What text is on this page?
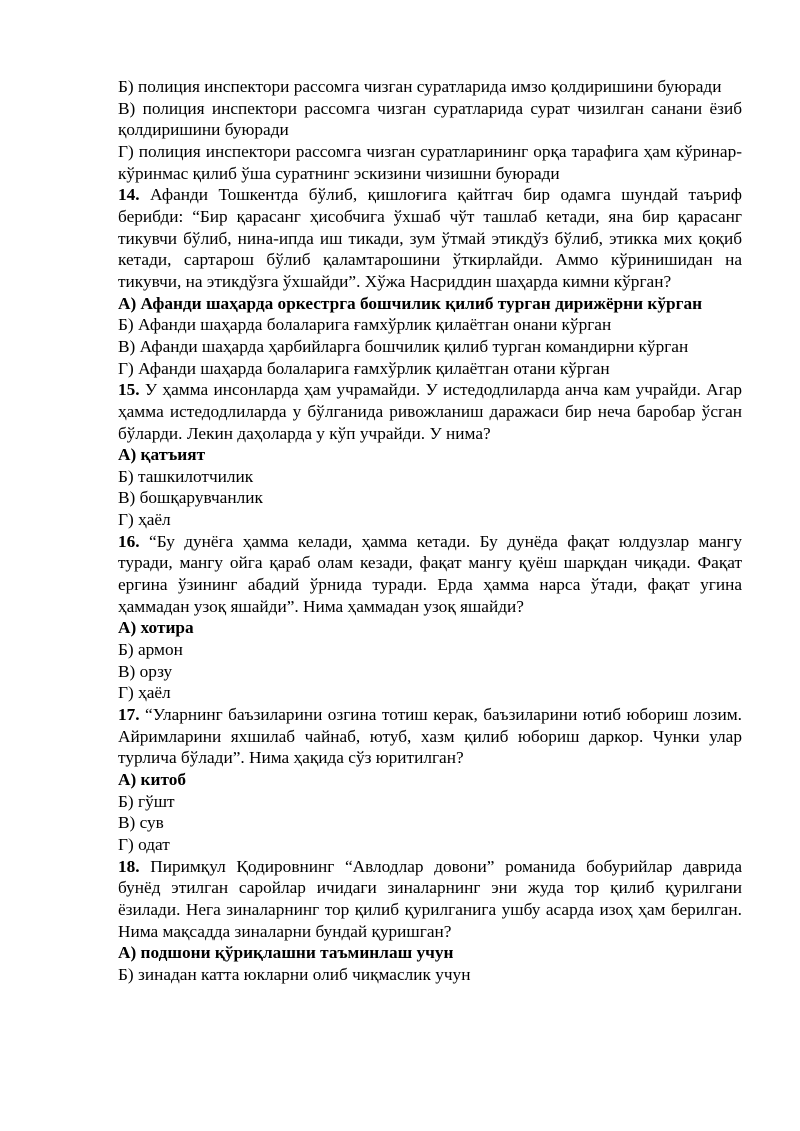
Б) полиция инспектори рассомга чизган суратларида имзо қолдиришини буюради

В) полиция инспектори рассомга чизган суратларида сурат чизилган санани ёзиб қолдиришини буюради

Г) полиция инспектори рассомга чизган суратларининг орқа тарафига ҳам кўринар-кўринмас қилиб ўша суратнинг эскизини чизишни буюради

14. Афанди Тошкентда бўлиб, қишлоғига қайтгач бир одамга шундай таъриф берибди: “Бир қарасанг ҳисобчига ўхшаб чўт ташлаб кетади, яна бир қарасанг тикувчи бўлиб, нина-ипда иш тикади, зум ўтмай этикдўз бўлиб, этикка мих қоқиб кетади, сартарош бўлиб қаламтарошини ўткирлайди. Аммо кўринишидан на тикувчи, на этикдўзга ўхшайди”. Хўжа Насриддин шаҳарда кимни кўрган?

А) Афанди шаҳарда оркестрга бошчилик қилиб турган дирижёрни кўрган

Б) Афанди шаҳарда болаларига ғамхўрлик қилаётган онани кўрган

В) Афанди шаҳарда ҳарбийларга бошчилик қилиб турган командирни кўрган

Г) Афанди шаҳарда болаларига ғамхўрлик қилаётган отани кўрган

15. У ҳамма инсонларда ҳам учрамайди. У истедодлиларда анча кам учрайди. Агар ҳамма истедодлиларда у бўлганида ривожланиш даражаси бир неча баробар ўсган бўларди. Лекин даҳоларда у кўп учрайди. У нима?

А) қатъият

Б) ташкилотчилик

В) бошқарувчанлик

Г) ҳаёл

16. “Бу дунёга ҳамма келади, ҳамма кетади. Бу дунёда фақат юлдузлар мангу туради, мангу ойга қараб олам кезади, фақат мангу қуёш шарқдан чиқади. Фақат ергина ўзининг абадий ўрнида туради. Ерда ҳамма нарса ўтади, фақат угина ҳаммадан узоқ яшайди”. Нима ҳаммадан узоқ яшайди?

А) хотира

Б) армон

В) орзу

Г) ҳаёл

17. “Уларнинг баъзиларини озгина тотиш керак, баъзиларини ютиб юбориш лозим. Айримларини яхшилаб чайнаб, ютуб, хазм қилиб юбориш даркор. Чунки улар турлича бўлади”. Нима ҳақида сўз юритилган?

А) китоб

Б) гўшт

В) сув

Г) одат

18. Пиримқул Қодировнинг “Авлодлар довони” романида бобурийлар даврида бунёд этилган саройлар ичидаги зиналарнинг эни жуда тор қилиб қурилгани ёзилади. Нега зиналарнинг тор қилиб қурилганига ушбу асарда изоҳ ҳам берилган. Нима мақсадда зиналарни бундай қуришган?

А) подшони қўриқлашни таъминлаш учун

Б) зинадан катта юкларни олиб чиқмаслик учун
